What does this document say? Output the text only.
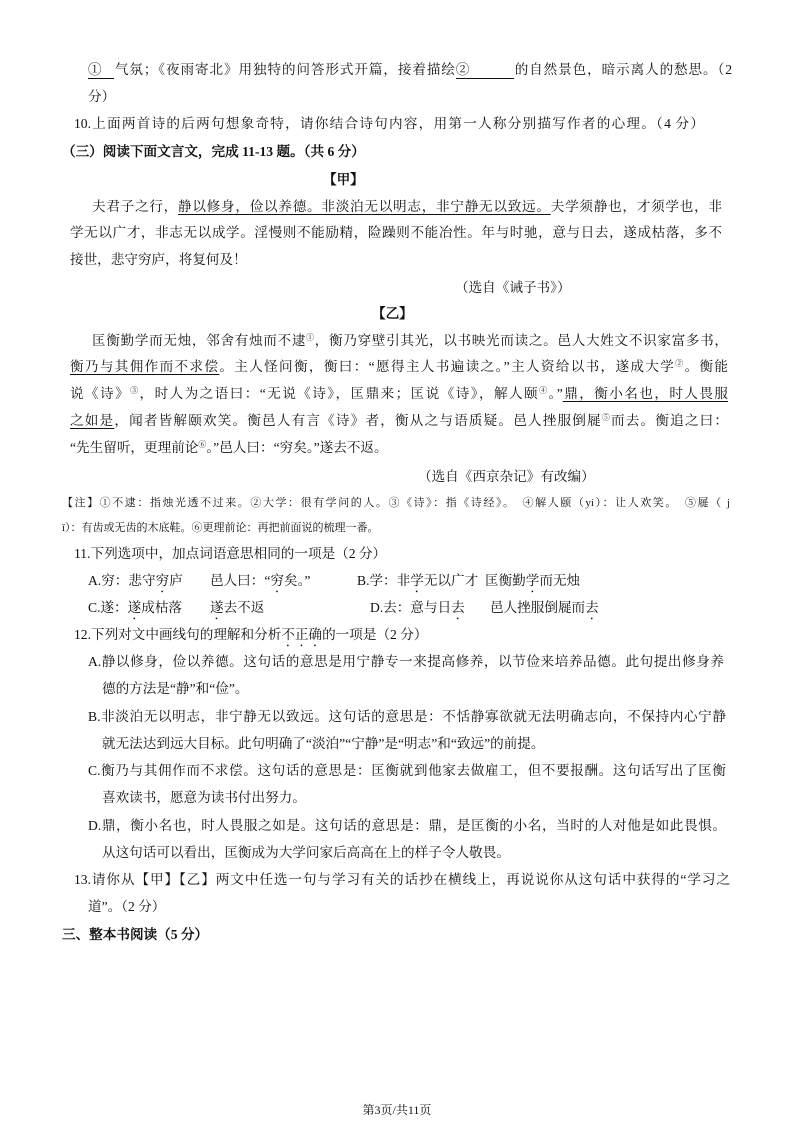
① 气氛；《夜雨寄北》用独特的问答形式开篇，接着描绘②	的自然景色，暗示离人的愁思。（2
分）
10.上面两首诗的后两句想象奇特，请你结合诗句内容，用第一人称分别描写作者的心理。（4 分）
（三）阅读下面文言文，完成 11-13 题。（共 6 分）
【甲】
夫君子之行，静以修身，俭以养德。非淡泊无以明志，非宁静无以致远。夫学须静也，才须学也，非
学无以广才，非志无以成学。淫慢则不能励精，险躁则不能冶性。年与时驰，意与日去，遂成枯落，多不
接世，悲守穷庐，将复何及！
（选自《诫子书》）
【乙】
匡衡勤学而无烛，邻舍有烛而不逮①，衡乃穿壁引其光，以书映光而读之。邑人大姓文不识家富多书，
衡乃与其佣作而不求偿。主人怪问衡，衡曰：“愿得主人书遍读之。”主人资给以书，遂成大学②。衡能
说《诗》③，时人为之语曰：“无说《诗》，匡鼎来；匡说《诗》，解人颐④。”鼎，衡小名也，时人畏服
之如是，闻者皆解颐欢笑。衡邑人有言《诗》者，衡从之与语质疑。邑人挫服倒屣⑤而去。衡追之曰：
“先生留听，更理前论⑥。”邑人曰：“穷矣。”遂去不返。
（选自《西京杂记》有改编）
【注】①不逮：指烛光透不过来。②大学：很有学问的人。③《诗》：指《诗经》。　④解人颐（yí）：让人欢笑。　⑤屣（ j
ǐ）：有齿或无齿的木底鞋。⑥更理前论：再把前面说的梳理一番。
11.下列选项中，加点词语意思相同的一项是（2 分）
A.穷：悲守穷庐 邑人曰：“穷矣。”	B.学：非学无以广才 匡衡勤学而无烛
C.遂：遂成枯落 遂去不返	D.去：意与日去 邑人挫服倒屣而去
12.下列对文中画线句的理解和分析不正确的一项是（2 分）
A.静以修身，俭以养德。这句话的意思是用宁静专一来提高修养，以节俭来培养品德。此句提出修身养
德的方法是“静”和“俭”。
B.非淡泊无以明志，非宁静无以致远。这句话的意思是：不恬静寡欲就无法明确志向，不保持内心宁静
就无法达到远大目标。此句明确了“淡泊”“宁静”是“明志”和“致远”的前提。
C.衡乃与其佣作而不求偿。这句话的意思是：匡衡就到他家去做雇工，但不要报酬。这句话写出了匡衡
喜欢读书，愿意为读书付出努力。
D.鼎，衡小名也，时人畏服之如是。这句话的意思是：鼎，是匡衡的小名，当时的人对他是如此畏惧。
从这句话可以看出，匡衡成为大学问家后高高在上的样子令人敬畏。
13.请你从【甲】【乙】两文中任选一句与学习有关的话抄在横线上，再说说你从这句话中获得的“学习之
道”。（2 分）
三、整本书阅读（5 分）
第3页/共11页
